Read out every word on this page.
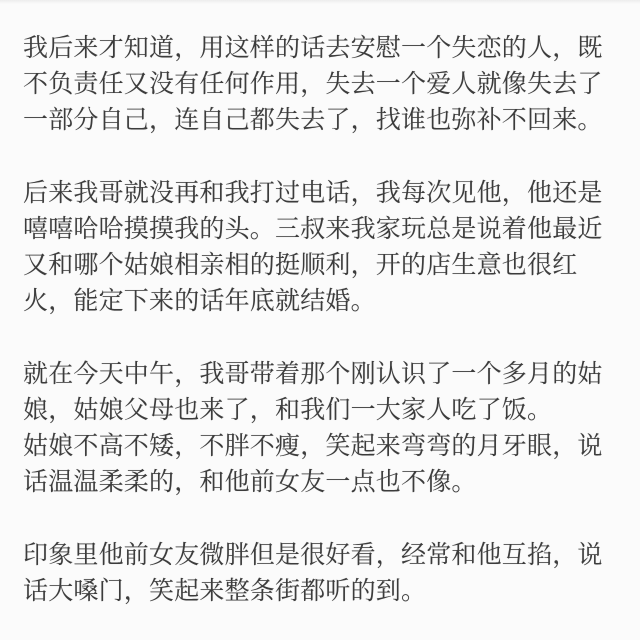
我后来才知道，用这样的话去安慰一个失恋的人，既不负责任又没有任何作用，失去一个爱人就像失去了一部分自己，连自己都失去了，找谁也弥补不回来。

后来我哥就没再和我打过电话，我每次见他，他还是嘻嘻哈哈摸摸我的头。三叔来我家玩总是说着他最近又和哪个姑娘相亲相的挺顺利，开的店生意也很红火，能定下来的话年底就结婚。

就在今天中午，我哥带着那个刚认识了一个多月的姑娘，姑娘父母也来了，和我们一大家人吃了饭。
姑娘不高不矮，不胖不瘦，笑起来弯弯的月牙眼，说话温温柔柔的，和他前女友一点也不像。

印象里他前女友微胖但是很好看，经常和他互掐，说话大嗓门，笑起来整条街都听的到。
